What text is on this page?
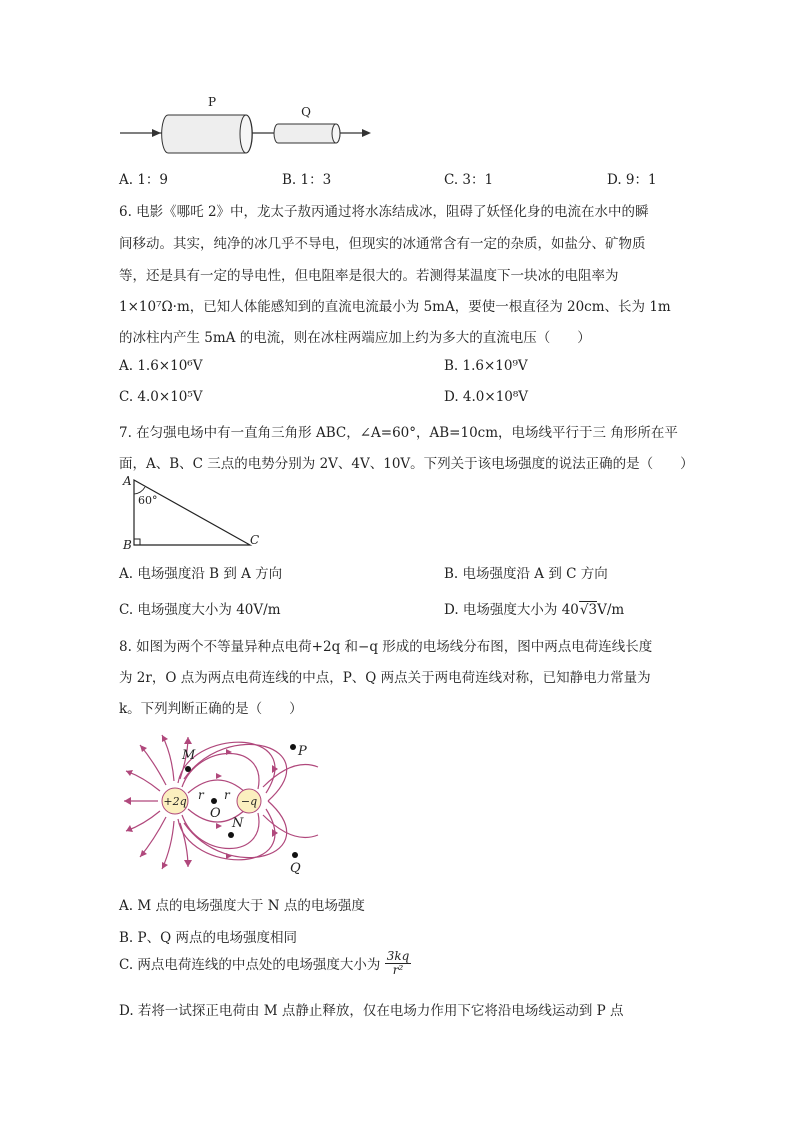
P
Q
A. 1：9	B. 1：3	C. 3：1	D. 9：1
6. 电影《哪吒 2》中，龙太子敖丙通过将水冻结成冰，阻碍了妖怪化身的电流在水中的瞬
间移动。其实，纯净的冰几乎不导电，但现实的冰通常含有一定的杂质，如盐分、矿物质
等，还是具有一定的导电性，但电阻率是很大的。若测得某温度下一块冰的电阻率为
1×10⁷Ω·m，已知人体能感知到的直流电流最小为 5mA，要使一根直径为 20cm、长为 1m
的冰柱内产生 5mA 的电流，则在冰柱两端应加上约为多大的直流电压（　　）
A. 1.6×10⁶V	B. 1.6×10⁹V
C. 4.0×10⁵V	D. 4.0×10⁸V
7. 在匀强电场中有一直角三角形 ABC，∠A=60°，AB=10cm，电场线平行于三 角形所在平
面，A、B、C 三点的电势分别为 2V、4V、10V。下列关于该电场强度的说法正确的是（　　）
A
B	C
60°
A. 电场强度沿 B 到 A 方向	B. 电场强度沿 A 到 C 方向
C. 电场强度大小为 40V/m	D. 电场强度大小为 40√3V/m
8. 如图为两个不等量异种点电荷+2q 和−q 形成的电场线分布图，图中两点电荷连线长度
为 2r，O 点为两点电荷连线的中点，P、Q 两点关于两电荷连线对称，已知静电力常量为
k。下列判断正确的是（　　）
+2q	−q
M	P
O
N
Q
r r
A. M 点的电场强度大于 N 点的电场强度
B. P、Q 两点的电场强度相同
C. 两点电荷连线的中点处的电场强度大小为 $\frac{3kq}{\text{r²}}$
D. 若将一试探正电荷由 M 点静止释放，仅在电场力作用下它将沿电场线运动到 P 点
